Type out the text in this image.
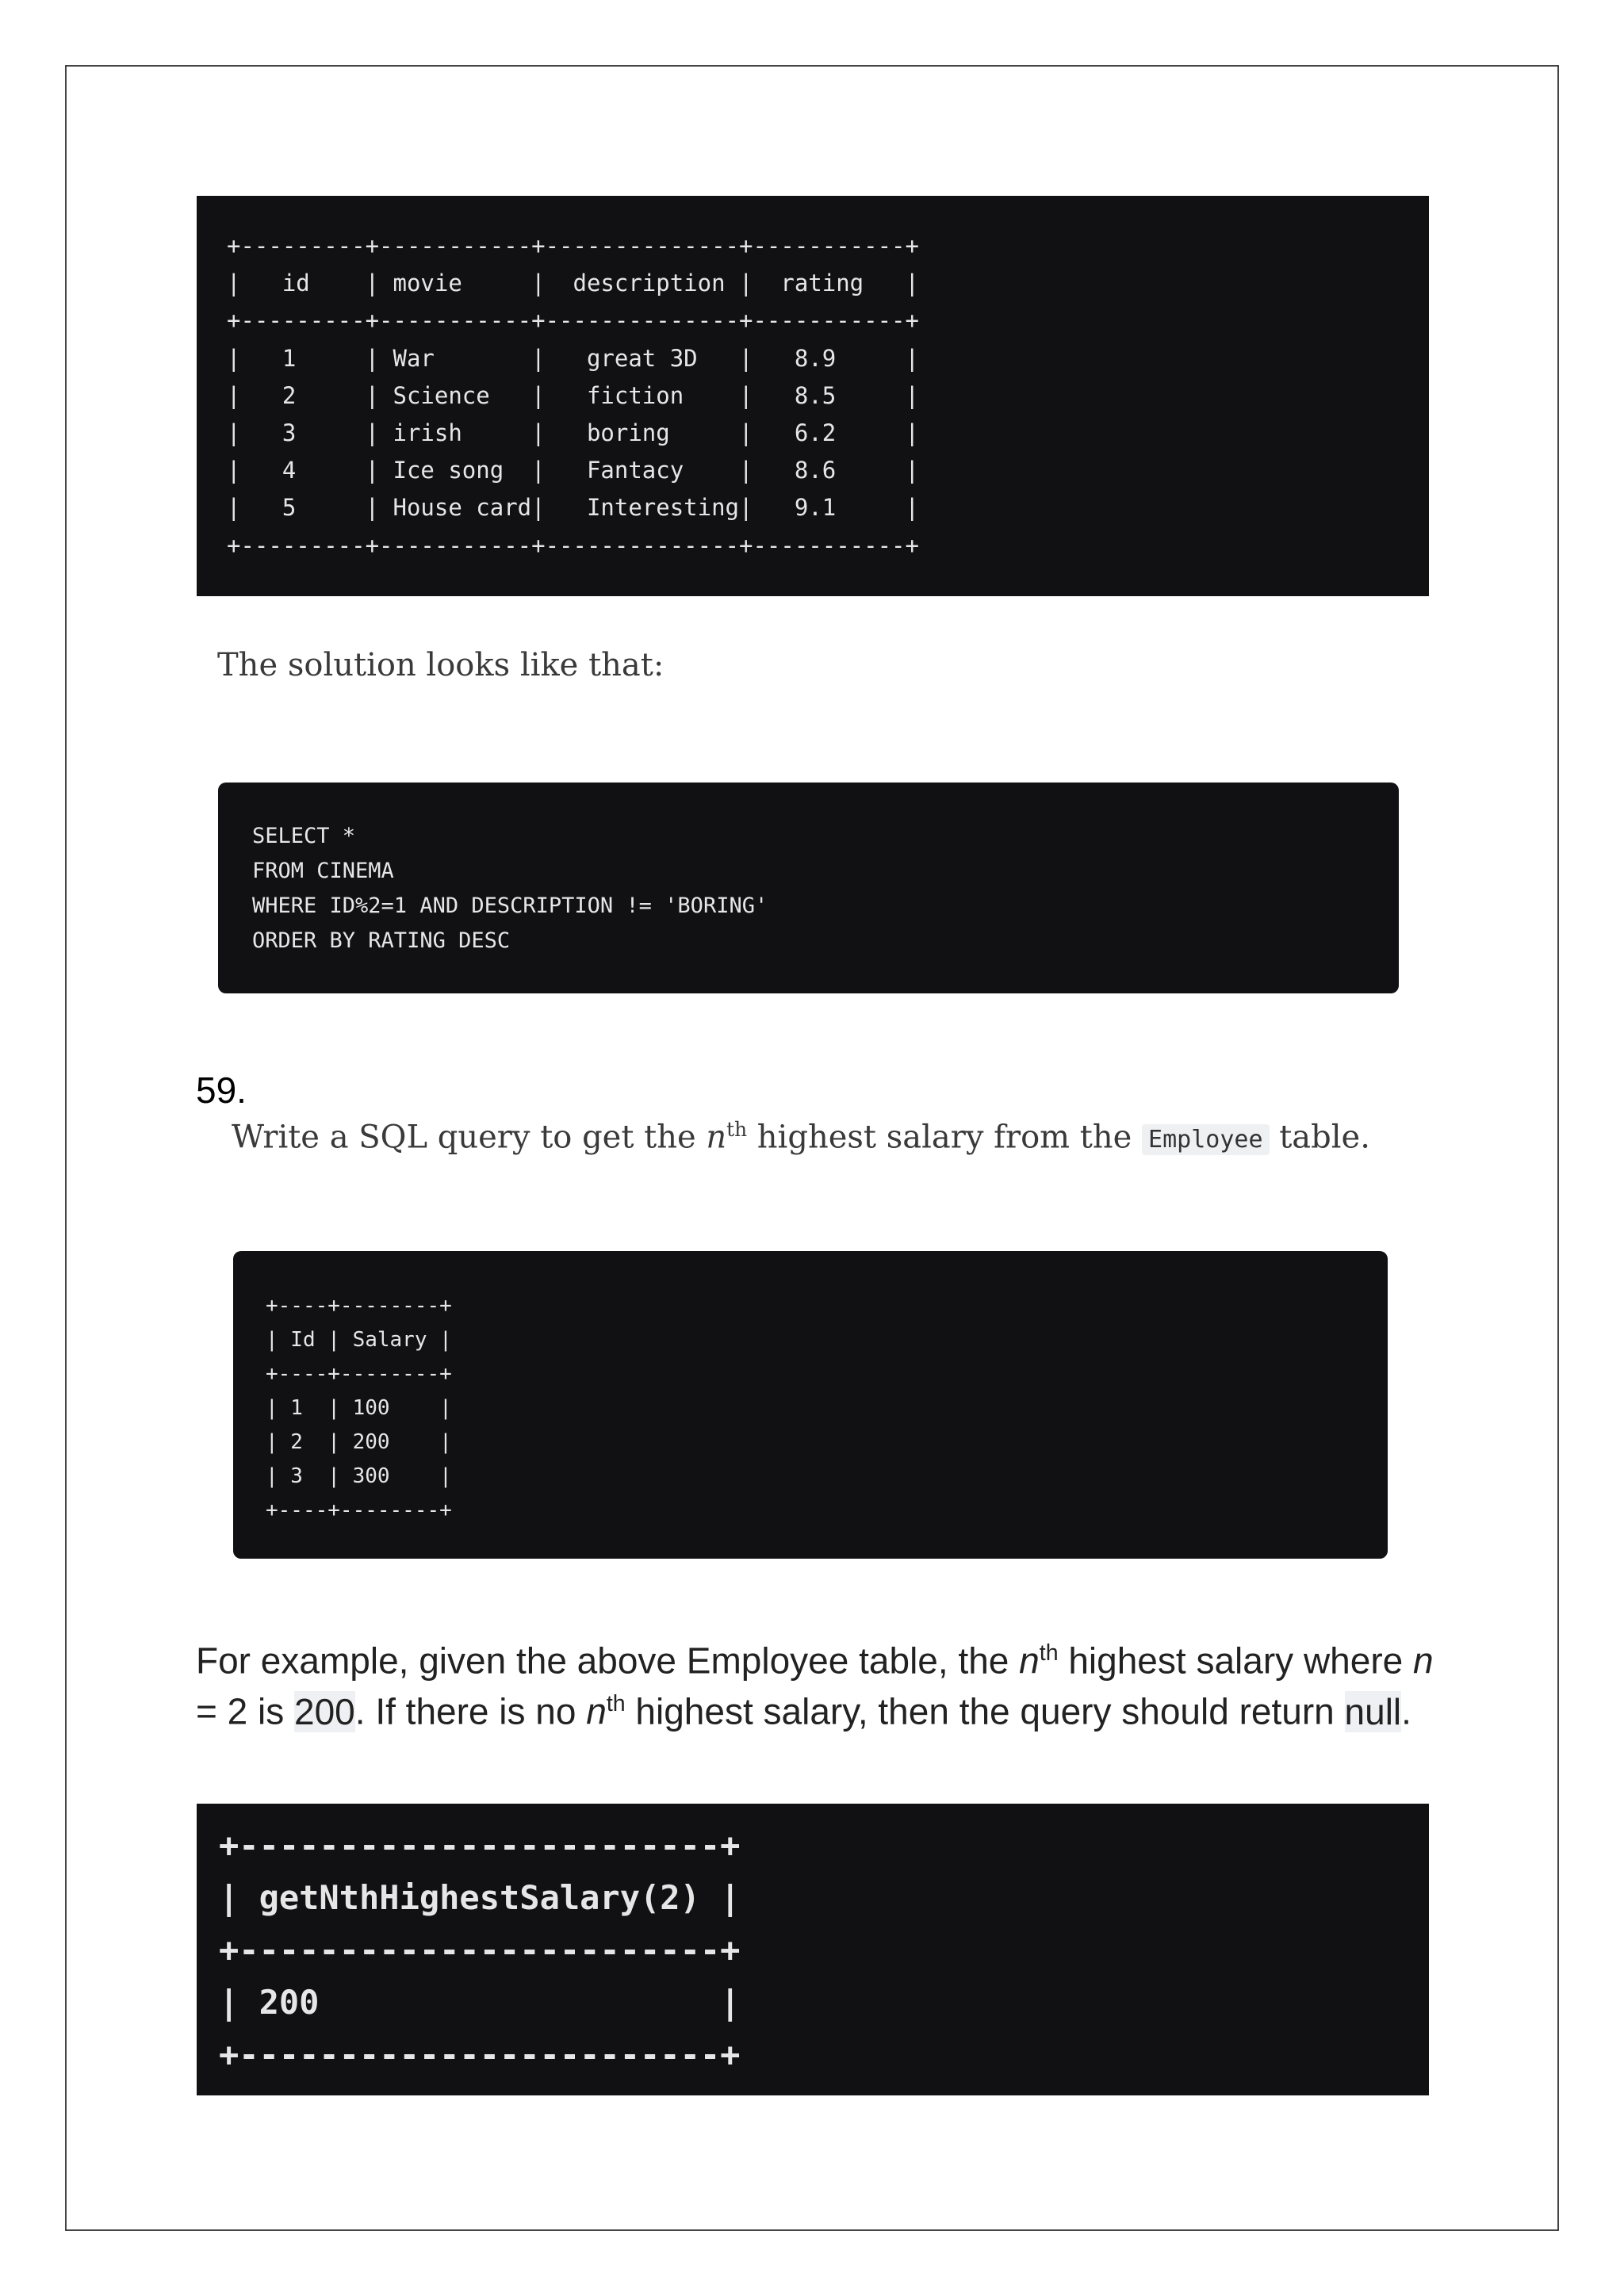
+---------+-----------+--------------+-----------+
|   id    | movie     |  description |  rating   |
+---------+-----------+--------------+-----------+
|   1     | War       |   great 3D   |   8.9     |
|   2     | Science   |   fiction    |   8.5     |
|   3     | irish     |   boring     |   6.2     |
|   4     | Ice song  |   Fantacy    |   8.6     |
|   5     | House card|   Interesting|   9.1     |
+---------+-----------+--------------+-----------+
The solution looks like that:
SELECT *
FROM CINEMA
WHERE ID%2=1 AND DESCRIPTION != 'BORING'
ORDER BY RATING DESC
59.
Write a SQL query to get the $n^{th}$ highest salary from the Employee table.
+----+--------+
| Id | Salary |
+----+--------+
| 1  | 100    |
| 2  | 200    |
| 3  | 300    |
+----+--------+
For example, given the above Employee table, the $n^{th}$ highest salary where n = 2 is 200. If there is no $n^{th}$ highest salary, then the query should return null.
+------------------------+
| getNthHighestSalary(2) |
+------------------------+
| 200                    |
+------------------------+
